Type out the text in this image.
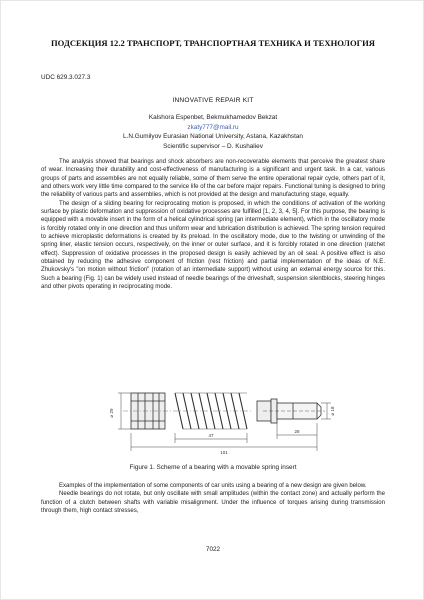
ПОДСЕКЦИЯ 12.2 ТРАНСПОРТ, ТРАНСПОРТНАЯ ТЕХНИКА И ТЕХНОЛОГИЯ
UDC 629.3.027.3
INNOVATIVE REPAIR KIT
Kalshora Espenbet, Bekmukhamedov Bekzat
zkaty777@mail.ru
L.N.Gumilyov Eurasian National University, Astana, Kazakhstan
Scientific supervisor – D. Kushaliev

The analysis showed that bearings and shock absorbers are non-recoverable elements that perceive the greatest share of wear. Increasing their durability and cost-effectiveness of manufacturing is a significant and urgent task. In a car, various groups of parts and assemblies are not equally reliable, some of them serve the entire operational repair cycle, others part of it, and others work very little time compared to the service life of the car before major repairs. Functional tuning is designed to bring the reliability of various parts and assemblies, which is not provided at the design and manufacturing stage, equally.

The design of a sliding bearing for reciprocating motion is proposed, in which the conditions of activation of the working surface by plastic deformation and suppression of oxidative processes are fulfilled [1, 2, 3, 4, 5]. For this purpose, the bearing is equipped with a movable insert in the form of a helical cylindrical spring (an intermediate element), which in the oscillatory mode is forcibly rotated only in one direction and thus uniform wear and lubrication distribution is achieved. The spring tension required to achieve microplastic deformations is created by its preload. In the oscillatory mode, due to the twisting or unwinding of the spring liner, elastic tension occurs, respectively, on the inner or outer surface, and it is forcibly rotated in one direction (ratchet effect). Suppression of oxidative processes in the proposed design is easily achieved by an oil seal. A positive effect is also obtained by reducing the adhesive component of friction (rest friction) and partial implementation of the ideas of N.E. Zhukovsky's "on motion without friction" (rotation of an intermediate support) without using an external energy source for this. Such a bearing (Fig. 1) can be widely used instead of needle bearings of the driveshaft, suspension silentblocks, steering hinges and other pivots operating in reciprocating mode.

⌀ 29	⌀ 18
101
47
28
Figure 1. Scheme of a bearing with a movable spring insert

Examples of the implementation of some components of car units using a bearing of a new design are given below.

Needle bearings do not rotate, but only oscillate with small amplitudes (within the contact zone) and actually perform the function of a clutch between shafts with variable misalignment. Under the influence of torques arising during transmission through them, high contact stresses,

7022
